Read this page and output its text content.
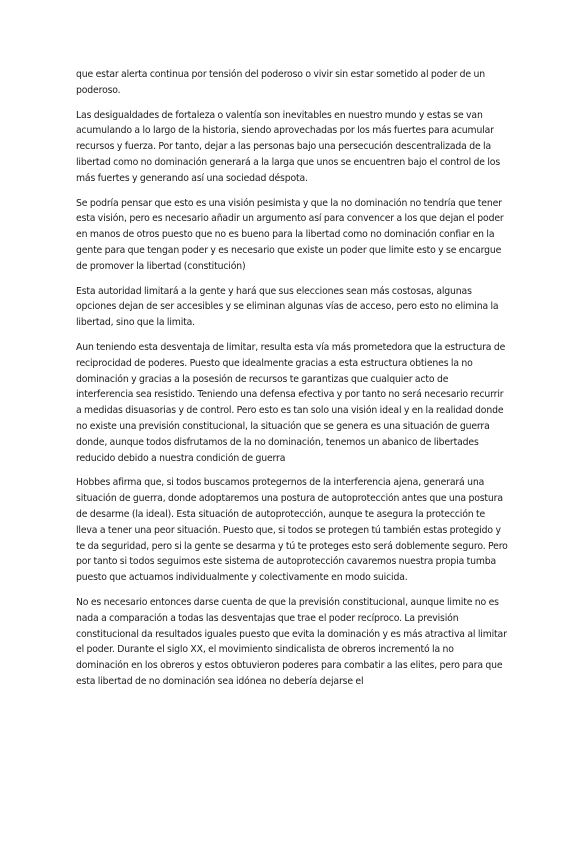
que estar alerta continua por tensión del poderoso o vivir sin estar sometido al poder de un poderoso.

Las desigualdades de fortaleza o valentía son inevitables en nuestro mundo y estas se van acumulando a lo largo de la historia, siendo aprovechadas por los más fuertes para acumular recursos y fuerza. Por tanto, dejar a las personas bajo una persecución descentralizada de la libertad como no dominación generará a la larga que unos se encuentren bajo el control de los más fuertes y generando así una sociedad déspota.

Se podría pensar que esto es una visión pesimista y que la no dominación no tendría que tener esta visión, pero es necesario añadir un argumento así para convencer a los que dejan el poder en manos de otros puesto que no es bueno para la libertad como no dominación confiar en la gente para que tengan poder y es necesario que existe un poder que limite esto y se encargue de promover la libertad (constitución)

Esta autoridad limitará a la gente y hará que sus elecciones sean más costosas, algunas opciones dejan de ser accesibles y se eliminan algunas vías de acceso, pero esto no elimina la libertad, sino que la limita.

Aun teniendo esta desventaja de limitar, resulta esta vía más prometedora que la estructura de reciprocidad de poderes. Puesto que idealmente gracias a esta estructura obtienes la no dominación y gracias a la posesión de recursos te garantizas que cualquier acto de interferencia sea resistido. Teniendo una defensa efectiva y por tanto no será necesario recurrir a medidas disuasorias y de control. Pero esto es tan solo una visión ideal y en la realidad donde no existe una previsión constitucional, la situación que se genera es una situación de guerra donde, aunque todos disfrutamos de la no dominación, tenemos un abanico de libertades reducido debido a nuestra condición de guerra

Hobbes afirma que, si todos buscamos protegernos de la interferencia ajena, generará una situación de guerra, donde adoptaremos una postura de autoprotección antes que una postura de desarme (la ideal). Esta situación de autoprotección, aunque te asegura la protección te lleva a tener una peor situación. Puesto que, si todos se protegen tú también estas protegido y te da seguridad, pero si la gente se desarma y tú te proteges esto será doblemente seguro. Pero por tanto si todos seguimos este sistema de autoprotección cavaremos nuestra propia tumba puesto que actuamos individualmente y colectivamente en modo suicida.

No es necesario entonces darse cuenta de que la previsión constitucional, aunque limite no es nada a comparación a todas las desventajas que trae el poder recíproco. La previsión constitucional da resultados iguales puesto que evita la dominación y es más atractiva al limitar el poder. Durante el siglo XX, el movimiento sindicalista de obreros incrementó la no dominación en los obreros y estos obtuvieron poderes para combatir a las elites, pero para que esta libertad de no dominación sea idónea no debería dejarse el
